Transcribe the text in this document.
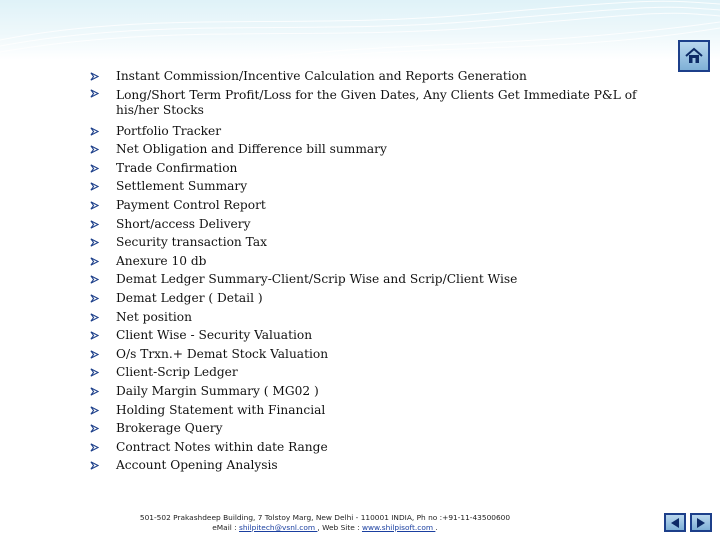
Instant Commission/Incentive Calculation and Reports Generation
Long/Short Term Profit/Loss for the Given Dates, Any Clients Get Immediate P&L of his/her Stocks
Portfolio Tracker
Net Obligation and Difference bill summary
Trade Confirmation
Settlement Summary
Payment Control Report
Short/access Delivery
Security transaction Tax
Anexure 10 db
Demat Ledger Summary-Client/Scrip Wise and Scrip/Client Wise
Demat Ledger ( Detail )
Net position
Client Wise - Security Valuation
O/s Trxn.+ Demat Stock Valuation
Client-Scrip Ledger
Daily Margin Summary ( MG02 )
Holding Statement with Financial
Brokerage Query
Contract Notes within date Range
Account Opening Analysis
501-502 Prakashdeep Building, 7 Tolstoy Marg, New Delhi - 110001 INDIA, Ph no :+91-11-43500600
eMail : shilpitech@vsnl.com , Web Site : www.shilpisoft.com .
